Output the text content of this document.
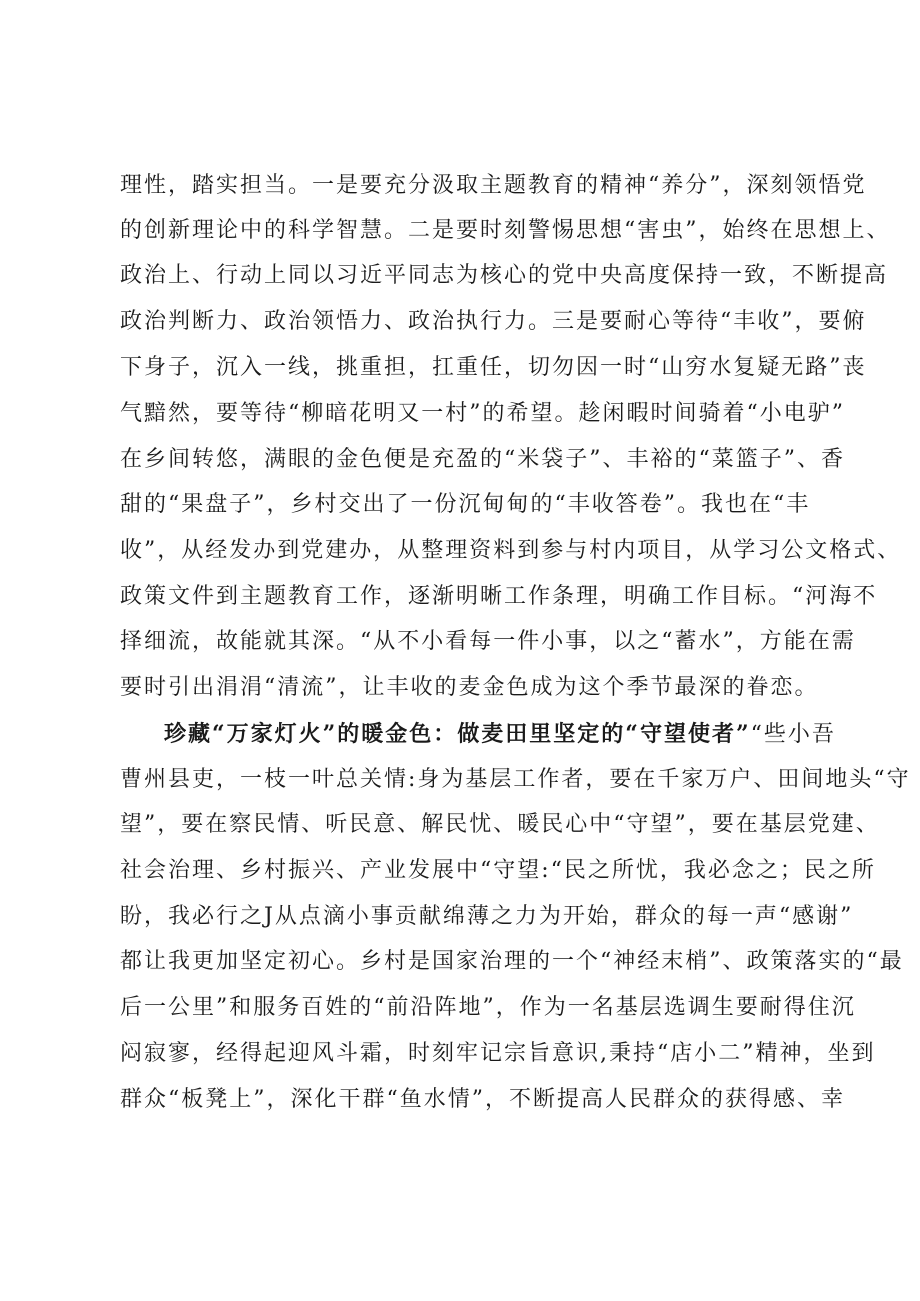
理性，踏实担当。一是要充分汲取主题教育的精神“养分”，深刻领悟党
的创新理论中的科学智慧。二是要时刻警惕思想“害虫”，始终在思想上、
政治上、行动上同以习近平同志为核心的党中央高度保持一致，不断提高
政治判断力、政治领悟力、政治执行力。三是要耐心等待“丰收”，要俯
下身子，沉入一线，挑重担，扛重任，切勿因一时“山穷水复疑无路”丧
气黯然，要等待“柳暗花明又一村”的希望。趁闲暇时间骑着“小电驴”
在乡间转悠，满眼的金色便是充盈的“米袋子”、丰裕的“菜篮子”、香
甜的“果盘子”，乡村交出了一份沉甸甸的“丰收答卷”。我也在“丰
收”，从经发办到党建办，从整理资料到参与村内项目，从学习公文格式、
政策文件到主题教育工作，逐渐明晰工作条理，明确工作目标。“河海不
择细流，故能就其深。“从不小看每一件小事，以之“蓄水”，方能在需
要时引出涓涓“清流”，让丰收的麦金色成为这个季节最深的眷恋。
珍藏“万家灯火”的暖金色：做麦田里坚定的“守望使者”“些小吾
曹州县吏，一枝一叶总关情:身为基层工作者，要在千家万户、田间地头“守
望”，要在察民情、听民意、解民忧、暖民心中“守望”，要在基层党建、
社会治理、乡村振兴、产业发展中“守望:“民之所忧，我必念之；民之所
盼，我必行之J从点滴小事贡献绵薄之力为开始，群众的每一声“感谢”
都让我更加坚定初心。乡村是国家治理的一个“神经末梢”、政策落实的“最
后一公里”和服务百姓的“前沿阵地”，作为一名基层选调生要耐得住沉
闷寂寥，经得起迎风斗霜，时刻牢记宗旨意识,秉持“店小二”精神，坐到
群众“板凳上”，深化干群“鱼水情”，不断提高人民群众的获得感、幸
